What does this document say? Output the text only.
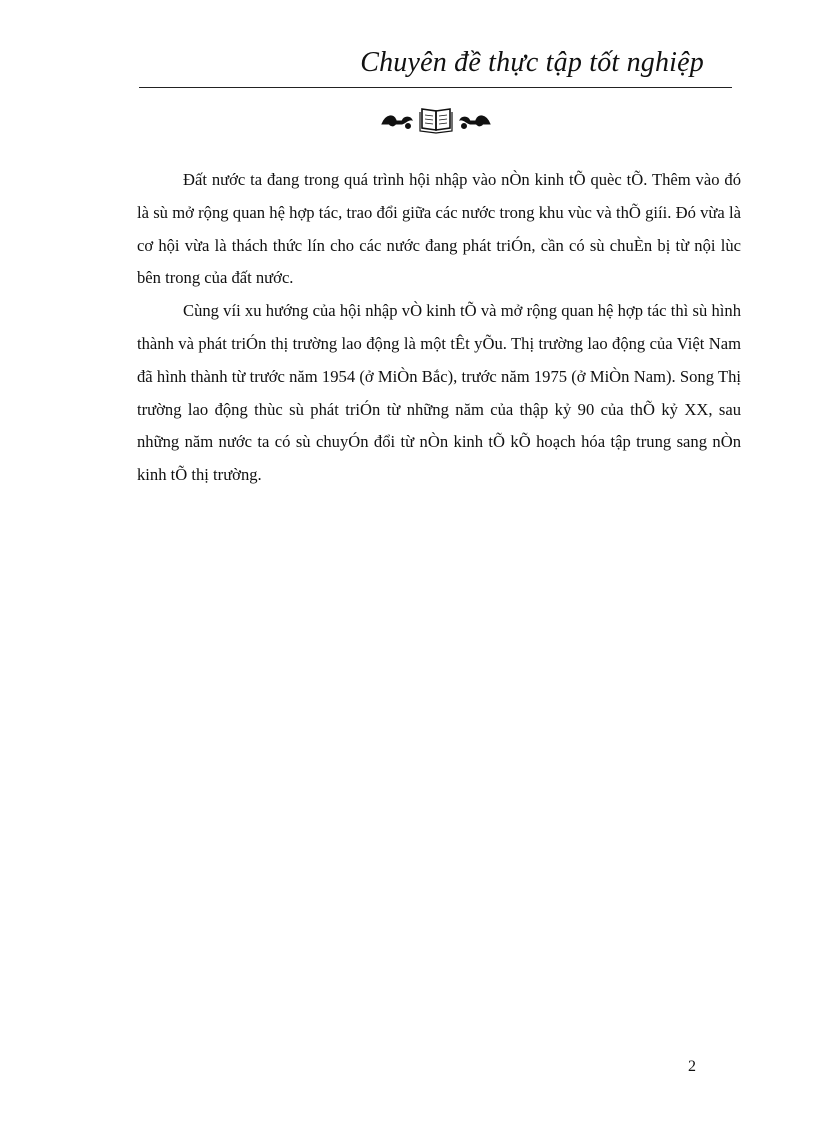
Chuyên đề thực tập tốt nghiệp

Đất nước ta đang trong quá trình hội nhập vào nÒn kinh tÕ quèc tÕ. Thêm vào đó là sù mở rộng quan hệ hợp tác, trao đổi giữa các nước trong khu vùc và thÕ giíi. Đó vừa là cơ hội vừa là thách thức lín cho các nước đang phát triÓn, cần có sù chuÈn bị từ nội lùc bên trong của đất nước.

Cùng víi xu hướng của hội nhập vÒ kinh tÕ và mở rộng quan hệ hợp tác thì sù hình thành và phát triÓn thị trường lao động là một tÊt yÕu. Thị trường lao động của Việt Nam đã hình thành từ trước năm 1954 (ở MiÒn Bắc), trước năm 1975 (ở MiÒn Nam). Song Thị trường lao động thùc sù phát triÓn từ những năm của thập kỷ 90 của thÕ kỷ XX, sau những năm nước ta có sù chuyÓn đổi từ nÒn kinh tÕ kÕ hoạch hóa tập trung sang nÒn kinh tÕ thị trường.

2
